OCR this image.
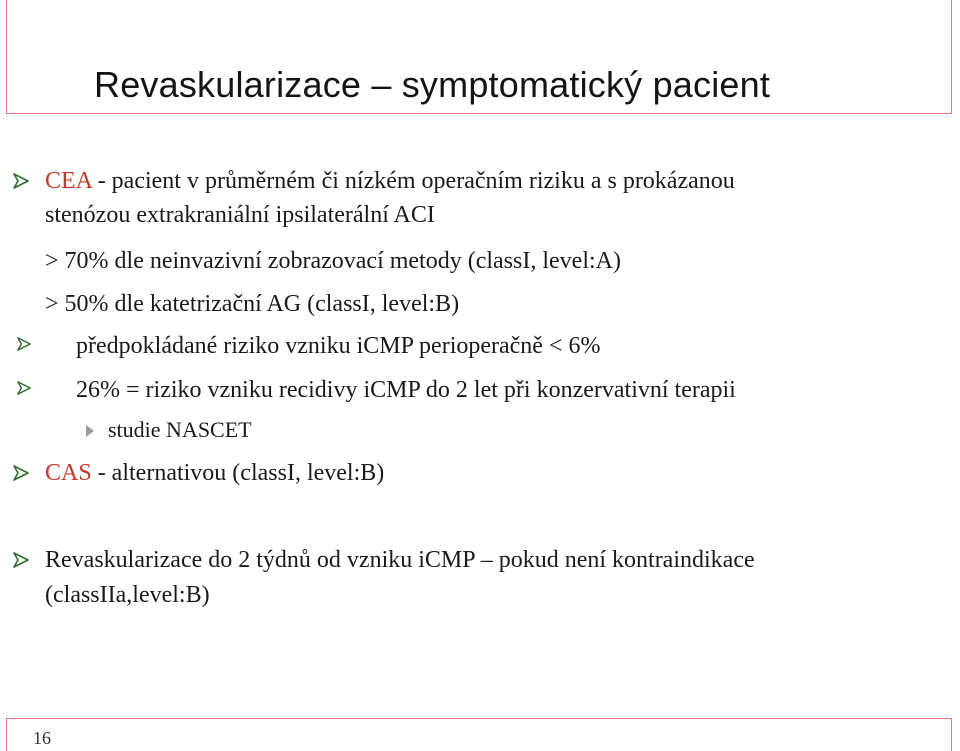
Revaskularizace – symptomatický pacient
CEA - pacient v průměrném či nízkém operačním riziku a s prokázanou
stenózou extrakraniální ipsilaterální ACI
> 70% dle neinvazivní zobrazovací metody (classI, level:A)
> 50% dle katetrizační AG (classI, level:B)
předpokládané riziko vzniku iCMP perioperačně < 6%
26% = riziko vzniku recidivy iCMP do 2 let při konzervativní terapii
studie NASCET
CAS - alternativou (classI, level:B)
Revaskularizace do 2 týdnů od vzniku iCMP – pokud není kontraindikace
(classIIa,level:B)
16
